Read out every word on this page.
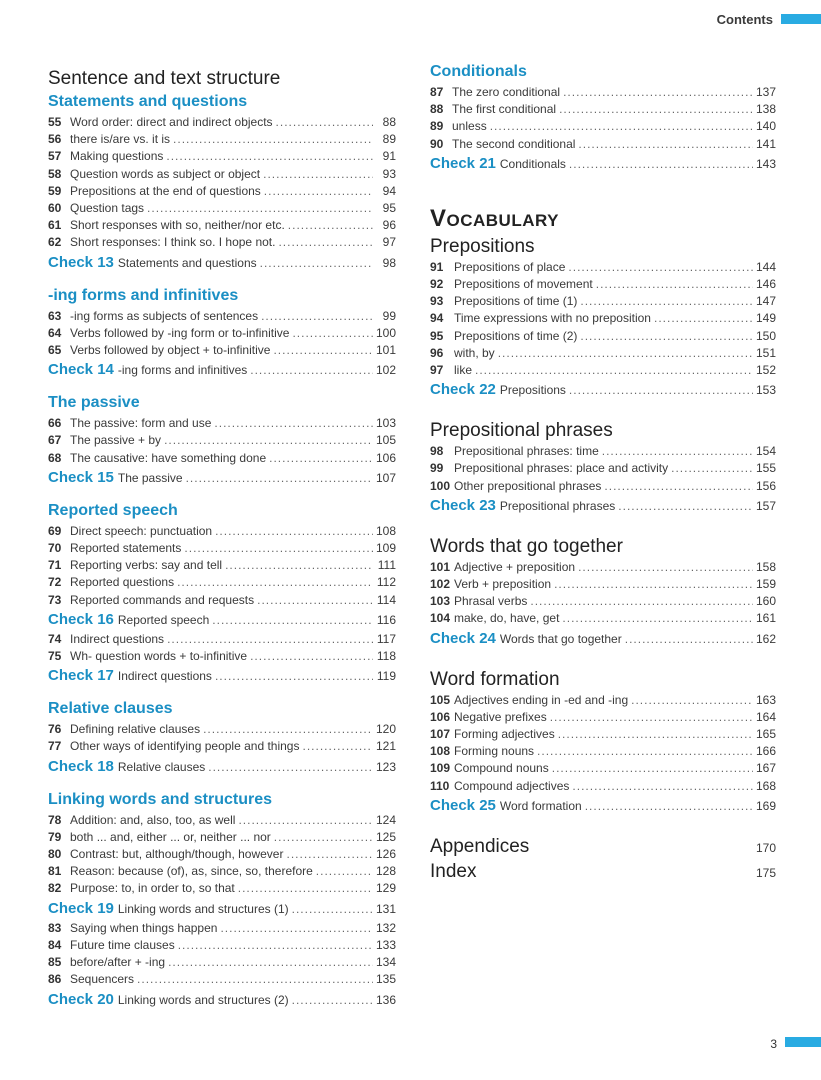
Contents
Sentence and text structure
Statements and questions
55 Word order: direct and indirect objects .....	88
56 there is/are vs. it is .....	89
57 Making questions .....	91
58 Question words as subject or object .....	93
59 Prepositions at the end of questions .....	94
60 Question tags .....	95
61 Short responses with so, neither/nor etc. .....	96
62 Short responses: I think so. I hope not. .....	97
Check 13 Statements and questions .....	98
-ing forms and infinitives
63 -ing forms as subjects of sentences .....	99
64 Verbs followed by -ing form or to-infinitive .....	100
65 Verbs followed by object + to-infinitive .....	101
Check 14 -ing forms and infinitives .....	102
The passive
66 The passive: form and use .....	103
67 The passive + by .....	105
68 The causative: have something done .....	106
Check 15 The passive .....	107
Reported speech
69 Direct speech: punctuation .....	108
70 Reported statements .....	109
71 Reporting verbs: say and tell .....	111
72 Reported questions .....	112
73 Reported commands and requests .....	114
Check 16 Reported speech .....	116
74 Indirect questions .....	117
75 Wh- question words + to-infinitive .....	118
Check 17 Indirect questions .....	119
Relative clauses
76 Defining relative clauses .....	120
77 Other ways of identifying people and things .....	121
Check 18 Relative clauses .....	123
Linking words and structures
78 Addition: and, also, too, as well .....	124
79 both ... and, either ... or, neither ... nor .....	125
80 Contrast: but, although/though, however .....	126
81 Reason: because (of), as, since, so, therefore .....	128
82 Purpose: to, in order to, so that .....	129
Check 19 Linking words and structures (1) .....	131
83 Saying when things happen .....	132
84 Future time clauses .....	133
85 before/after + -ing .....	134
86 Sequencers .....	135
Check 20 Linking words and structures (2) .....	136
Conditionals
87 The zero conditional .....	137
88 The first conditional .....	138
89 unless .....	140
90 The second conditional .....	141
Check 21 Conditionals .....	143
Vocabulary
Prepositions
91 Prepositions of place .....	144
92 Prepositions of movement .....	146
93 Prepositions of time (1) .....	147
94 Time expressions with no preposition .....	149
95 Prepositions of time (2) .....	150
96 with, by .....	151
97 like .....	152
Check 22 Prepositions .....	153
Prepositional phrases
98 Prepositional phrases: time .....	154
99 Prepositional phrases: place and activity .....	155
100 Other prepositional phrases .....	156
Check 23 Prepositional phrases .....	157
Words that go together
101 Adjective + preposition .....	158
102 Verb + preposition .....	159
103 Phrasal verbs .....	160
104 make, do, have, get .....	161
Check 24 Words that go together .....	162
Word formation
105 Adjectives ending in -ed and -ing .....	163
106 Negative prefixes .....	164
107 Forming adjectives .....	165
108 Forming nouns .....	166
109 Compound nouns .....	167
110 Compound adjectives .....	168
Check 25 Word formation .....	169
Appendices	170
Index	175
3
